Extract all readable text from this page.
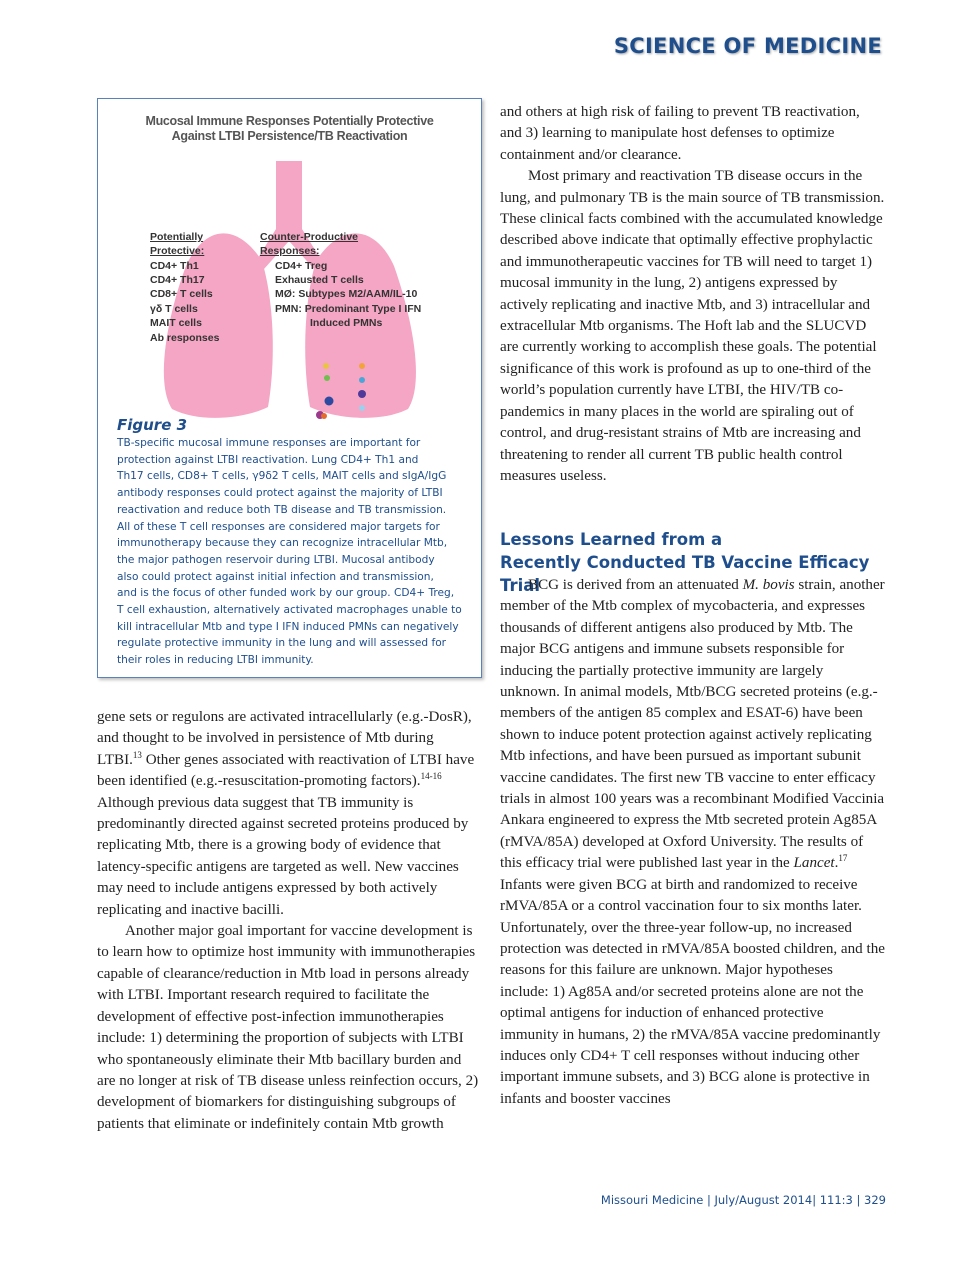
SCIENCE OF MEDICINE
Mucosal Immune Responses Potentially Protective
Against LTBI Persistence/TB Reactivation
Potentially
Protective:
CD4+ Th1
CD4+ Th17
CD8+ T cells
γδ T cells
MAIT cells
Ab responses
Counter-Productive
Responses:
CD4+ Treg
Exhausted T cells
MØ: Subtypes M2/AAM/IL-10
PMN: Predominant Type I IFN
Induced PMNs
Figure 3
TB-specific mucosal immune responses are important for
protection against LTBI reactivation. Lung CD4+ Th1 and
Th17 cells, CD8+ T cells, γ9δ2 T cells, MAIT cells and sIgA/IgG
antibody responses could protect against the majority of LTBI
reactivation and reduce both TB disease and TB transmission.
All of these T cell responses are considered major targets for
immunotherapy because they can recognize intracellular Mtb,
the major pathogen reservoir during LTBI. Mucosal antibody
also could protect against initial infection and transmission,
and is the focus of other funded work by our group. CD4+ Treg,
T cell exhaustion, alternatively activated macrophages unable to
kill intracellular Mtb and type I IFN induced PMNs can negatively
regulate protective immunity in the lung and will assessed for
their roles in reducing LTBI immunity.

gene sets or regulons are activated intracellularly (e.g.-DosR), and thought to be involved in persistence of Mtb during LTBI.$^{13}$ Other genes associated with reactivation of LTBI have been identified (e.g.-resuscitation-promoting factors).$^{14-16}$ Although previous data suggest that TB immunity is predominantly directed against secreted proteins produced by replicating Mtb, there is a growing body of evidence that latency-specific antigens are targeted as well. New vaccines may need to include antigens expressed by both actively replicating and inactive bacilli.

Another major goal important for vaccine development is to learn how to optimize host immunity with immunotherapies capable of clearance/reduction in Mtb load in persons already with LTBI. Important research required to facilitate the development of effective post-infection immunotherapies include: 1) determining the proportion of subjects with LTBI who spontaneously eliminate their Mtb bacillary burden and are no longer at risk of TB disease unless reinfection occurs, 2) development of biomarkers for distinguishing subgroups of patients that eliminate or indefinitely contain Mtb growth

and others at high risk of failing to prevent TB reactivation, and 3) learning to manipulate host defenses to optimize containment and/or clearance.

Most primary and reactivation TB disease occurs in the lung, and pulmonary TB is the main source of TB transmission. These clinical facts combined with the accumulated knowledge described above indicate that optimally effective prophylactic and immunotherapeutic vaccines for TB will need to target 1) mucosal immunity in the lung, 2) antigens expressed by actively replicating and inactive Mtb, and 3) intracellular and extracellular Mtb organisms. The Hoft lab and the SLUCVD are currently working to accomplish these goals. The potential significance of this work is profound as up to one-third of the world’s population currently have LTBI, the HIV/TB co-pandemics in many places in the world are spiraling out of control, and drug-resistant strains of Mtb are increasing and threatening to render all current TB public health control measures useless.

Lessons Learned from a
Recently Conducted TB Vaccine Efficacy Trial

BCG is derived from an attenuated M. bovis strain, another member of the Mtb complex of mycobacteria, and expresses thousands of different antigens also produced by Mtb. The major BCG antigens and immune subsets responsible for inducing the partially protective immunity are largely unknown. In animal models, Mtb/BCG secreted proteins (e.g.-members of the antigen 85 complex and ESAT-6) have been shown to induce potent protection against actively replicating Mtb infections, and have been pursued as important subunit vaccine candidates. The first new TB vaccine to enter efficacy trials in almost 100 years was a recombinant Modified Vaccinia Ankara engineered to express the Mtb secreted protein Ag85A (rMVA/85A) developed at Oxford University. The results of this efficacy trial were published last year in the Lancet.$^{17}$ Infants were given BCG at birth and randomized to receive rMVA/85A or a control vaccination four to six months later. Unfortunately, over the three-year follow-up, no increased protection was detected in rMVA/85A boosted children, and the reasons for this failure are unknown. Major hypotheses include: 1) Ag85A and/or secreted proteins alone are not the optimal antigens for induction of enhanced protective immunity in humans, 2) the rMVA/85A vaccine predominantly induces only CD4+ T cell responses without inducing other important immune subsets, and 3) BCG alone is protective in infants and booster vaccines

Missouri Medicine | July/August 2014| 111:3 | 329
